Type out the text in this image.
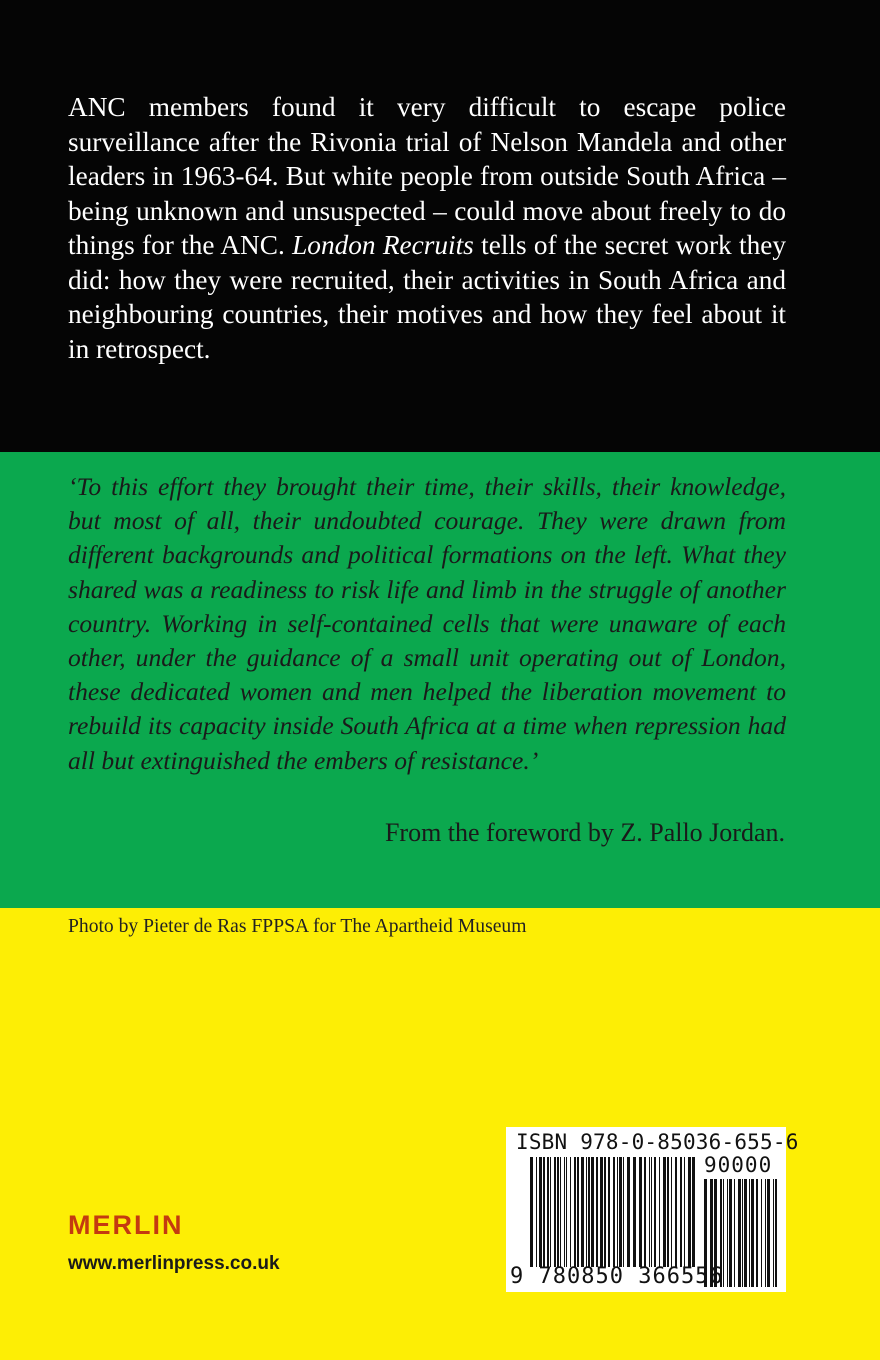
ANC members found it very difficult to escape police surveillance after the Rivonia trial of Nelson Mandela and other leaders in 1963-64. But white people from outside South Africa – being unknown and unsuspected – could move about freely to do things for the ANC. London Recruits tells of the secret work they did: how they were recruited, their activities in South Africa and neighbouring countries, their motives and how they feel about it in retrospect.

‘To this effort they brought their time, their skills, their knowledge, but most of all, their undoubted courage. They were drawn from different backgrounds and political formations on the left. What they shared was a readiness to risk life and limb in the struggle of another country. Working in self-contained cells that were unaware of each other, under the guidance of a small unit operating out of London, these dedicated women and men helped the liberation movement to rebuild its capacity inside South Africa at a time when repression had all but extinguished the embers of resistance.’

From the foreword by Z. Pallo Jordan.

Photo by Pieter de Ras FPPSA for The Apartheid Museum

MERLIN

www.merlinpress.co.uk

ISBN 978-0-85036-655-6

90000

9 780850 366556
